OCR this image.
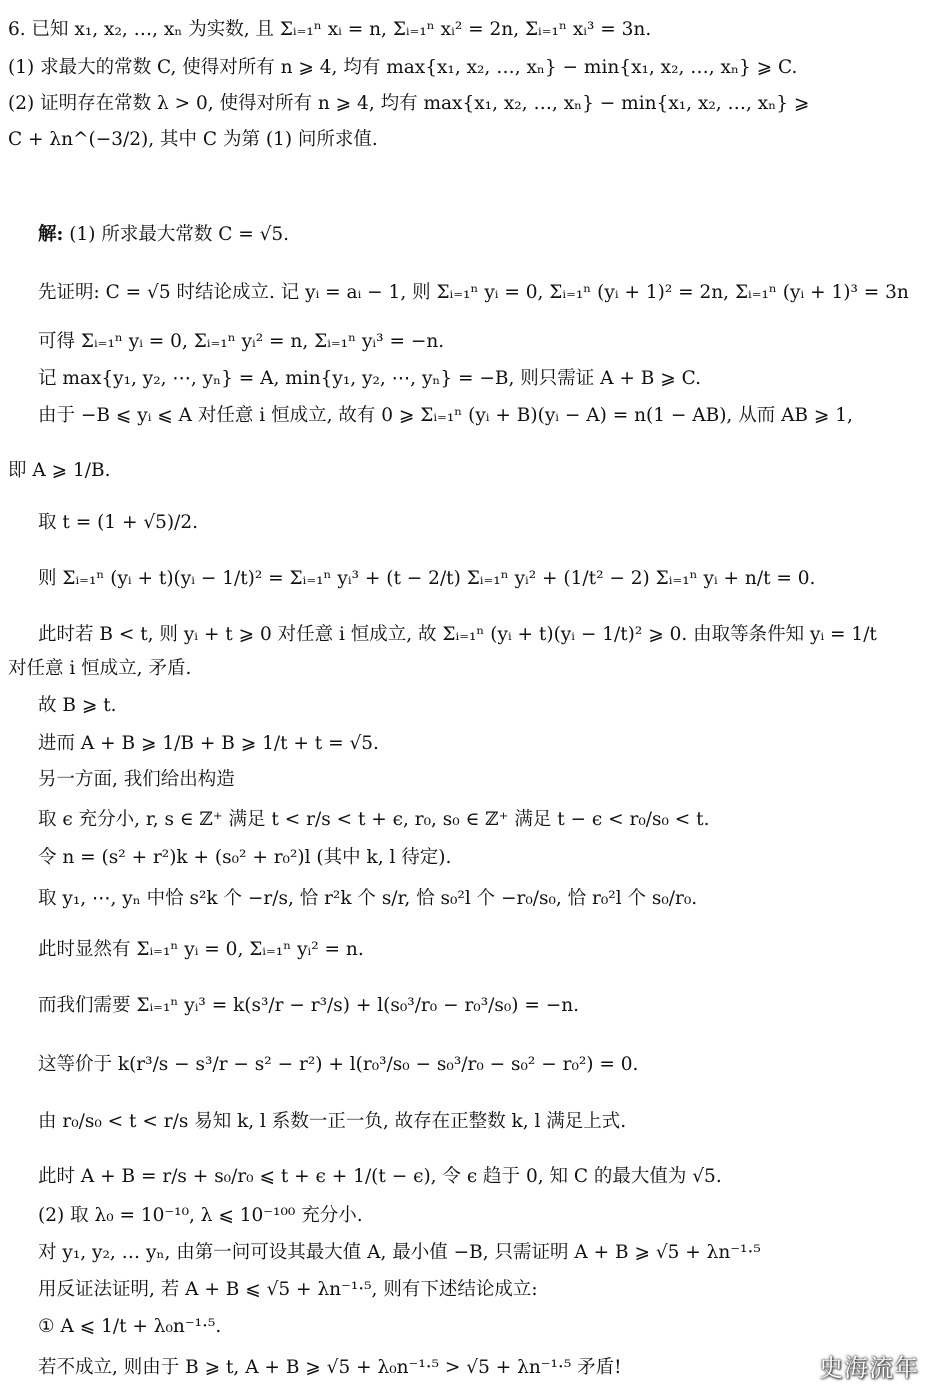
6. 已知 x₁, x₂, …, xₙ 为实数, 且 Σᵢ₌₁ⁿ xᵢ = n, Σᵢ₌₁ⁿ xᵢ² = 2n, Σᵢ₌₁ⁿ xᵢ³ = 3n.
(1) 求最大的常数 C, 使得对所有 n ⩾ 4, 均有 max{x₁, x₂, …, xₙ} − min{x₁, x₂, …, xₙ} ⩾ C.
(2) 证明存在常数 λ > 0, 使得对所有 n ⩾ 4, 均有 max{x₁, x₂, …, xₙ} − min{x₁, x₂, …, xₙ} ⩾
C + λn^(−3/2), 其中 C 为第 (1) 问所求值.
解: (1) 所求最大常数 C = √5.
先证明: C = √5 时结论成立. 记 yᵢ = aᵢ − 1, 则 Σᵢ₌₁ⁿ yᵢ = 0, Σᵢ₌₁ⁿ (yᵢ + 1)² = 2n, Σᵢ₌₁ⁿ (yᵢ + 1)³ = 3n
可得 Σᵢ₌₁ⁿ yᵢ = 0, Σᵢ₌₁ⁿ yᵢ² = n, Σᵢ₌₁ⁿ yᵢ³ = −n.
记 max{y₁, y₂, ⋯, yₙ} = A, min{y₁, y₂, ⋯, yₙ} = −B, 则只需证 A + B ⩾ C.
由于 −B ⩽ yᵢ ⩽ A 对任意 i 恒成立, 故有 0 ⩾ Σᵢ₌₁ⁿ (yᵢ + B)(yᵢ − A) = n(1 − AB), 从而 AB ⩾ 1,
即 A ⩾ 1/B.
取 t = (1 + √5)/2.
则 Σᵢ₌₁ⁿ (yᵢ + t)(yᵢ − 1/t)² = Σᵢ₌₁ⁿ yᵢ³ + (t − 2/t) Σᵢ₌₁ⁿ yᵢ² + (1/t² − 2) Σᵢ₌₁ⁿ yᵢ + n/t = 0.
此时若 B < t, 则 yᵢ + t ⩾ 0 对任意 i 恒成立, 故 Σᵢ₌₁ⁿ (yᵢ + t)(yᵢ − 1/t)² ⩾ 0. 由取等条件知 yᵢ = 1/t
对任意 i 恒成立, 矛盾.
故 B ⩾ t.
进而 A + B ⩾ 1/B + B ⩾ 1/t + t = √5.
另一方面, 我们给出构造
取 ϵ 充分小, r, s ∈ ℤ⁺ 满足 t < r/s < t + ϵ, r₀, s₀ ∈ ℤ⁺ 满足 t − ϵ < r₀/s₀ < t.
令 n = (s² + r²)k + (s₀² + r₀²)l (其中 k, l 待定).
取 y₁, ⋯, yₙ 中恰 s²k 个 −r/s, 恰 r²k 个 s/r, 恰 s₀²l 个 −r₀/s₀, 恰 r₀²l 个 s₀/r₀.
此时显然有 Σᵢ₌₁ⁿ yᵢ = 0, Σᵢ₌₁ⁿ yᵢ² = n.
而我们需要 Σᵢ₌₁ⁿ yᵢ³ = k(s³/r − r³/s) + l(s₀³/r₀ − r₀³/s₀) = −n.
这等价于 k(r³/s − s³/r − s² − r²) + l(r₀³/s₀ − s₀³/r₀ − s₀² − r₀²) = 0.
由 r₀/s₀ < t < r/s 易知 k, l 系数一正一负, 故存在正整数 k, l 满足上式.
此时 A + B = r/s + s₀/r₀ ⩽ t + ϵ + 1/(t − ϵ), 令 ϵ 趋于 0, 知 C 的最大值为 √5.
(2) 取 λ₀ = 10⁻¹⁰, λ ⩽ 10⁻¹⁰⁰ 充分小.
对 y₁, y₂, … yₙ, 由第一问可设其最大值 A, 最小值 −B, 只需证明 A + B ⩾ √5 + λn⁻¹·⁵
用反证法证明, 若 A + B ⩽ √5 + λn⁻¹·⁵, 则有下述结论成立:
① A ⩽ 1/t + λ₀n⁻¹·⁵.
若不成立, 则由于 B ⩾ t, A + B ⩾ √5 + λ₀n⁻¹·⁵ > √5 + λn⁻¹·⁵ 矛盾!	史海流年
